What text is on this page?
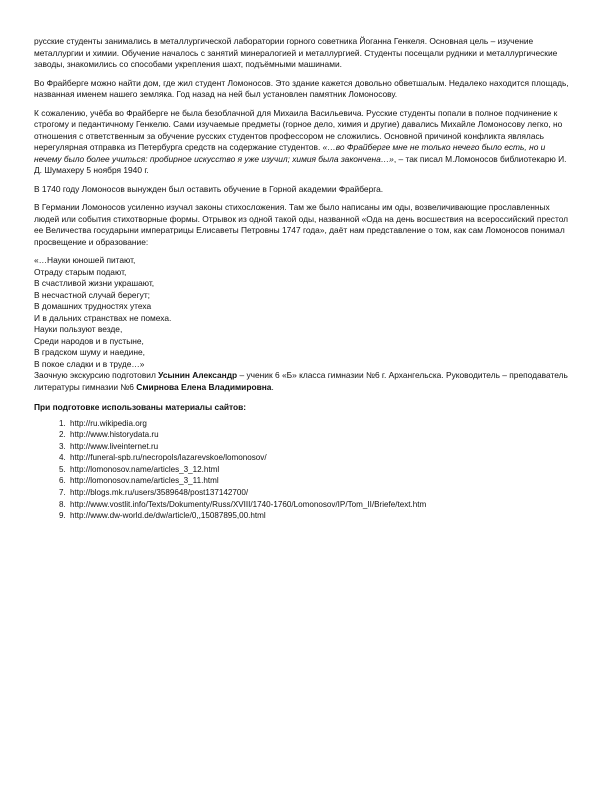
русские студенты занимались в металлургической лаборатории горного советника Йоганна Генкеля. Основная цель – изучение металлургии и химии. Обучение началось с занятий минералогией и металлургией. Студенты посещали рудники и металлургические заводы, знакомились со способами укрепления шахт, подъёмными машинами.

Во Фрайберге можно найти дом, где жил студент Ломоносов. Это здание кажется довольно обветшалым. Недалеко находится площадь, названная именем нашего земляка. Год назад на ней был установлен памятник Ломоносову.

К сожалению, учёба во Фрайберге не была безоблачной для Михаила Васильевича. Русские студенты попали в полное подчинение к строгому и педантичному Генкелю. Сами изучаемые предметы (горное дело, химия и другие) давались Михайле Ломоносову легко, но отношения с ответственным за обучение русских студентов профессором не сложились. Основной причиной конфликта являлась нерегулярная отправка из Петербурга средств на содержание студентов. «…во Фрайберге мне не только нечего было есть, но и нечему было более учиться: пробирное искусство я уже изучил; химия была закончена…», – так писал М.Ломоносов библиотекарю И. Д. Шумахеру 5 ноября 1940 г.

В 1740 году Ломоносов вынужден был оставить обучение в Горной академии Фрайберга.

В Германии Ломоносов усиленно изучал законы стихосложения. Там же было написаны им оды, возвеличивающие прославленных людей или события стихотворные формы. Отрывок из одной такой оды, названной «Ода на день восшествия на всероссийский престол ее Величества государыни императрицы Елисаветы Петровны 1747 года», даёт нам представление о том, как сам Ломоносов понимал просвещение и образование:

«…Науки юношей питают,
Отраду старым подают,
В счастливой жизни украшают,
В несчастной случай берегут;
В домашних трудностях утеха
И в дальних странствах не помеха.
Науки пользуют везде,
Среди народов и в пустыне,
В градском шуму и наедине,
В покое сладки и в труде…»

Заочную экскурсию подготовил Усынин Александр – ученик 6 «Б» класса гимназии №6 г. Архангельска. Руководитель – преподаватель литературы гимназии №6 Смирнова Елена Владимировна.

При подготовке использованы материалы сайтов:

1. http://ru.wikipedia.org
2. http://www.historydata.ru
3. http://www.liveinternet.ru
4. http://funeral-spb.ru/necropols/lazarevskoe/lomonosov/
5. http://lomonosov.name/articles_3_12.html
6. http://lomonosov.name/articles_3_11.html
7. http://blogs.mk.ru/users/3589648/post137142700/
8. http://www.vostlit.info/Texts/Dokumenty/Russ/XVIII/1740-1760/Lomonosov/IP/Tom_II/Briefe/text.htm
9. http://www.dw-world.de/dw/article/0,,15087895,00.html
